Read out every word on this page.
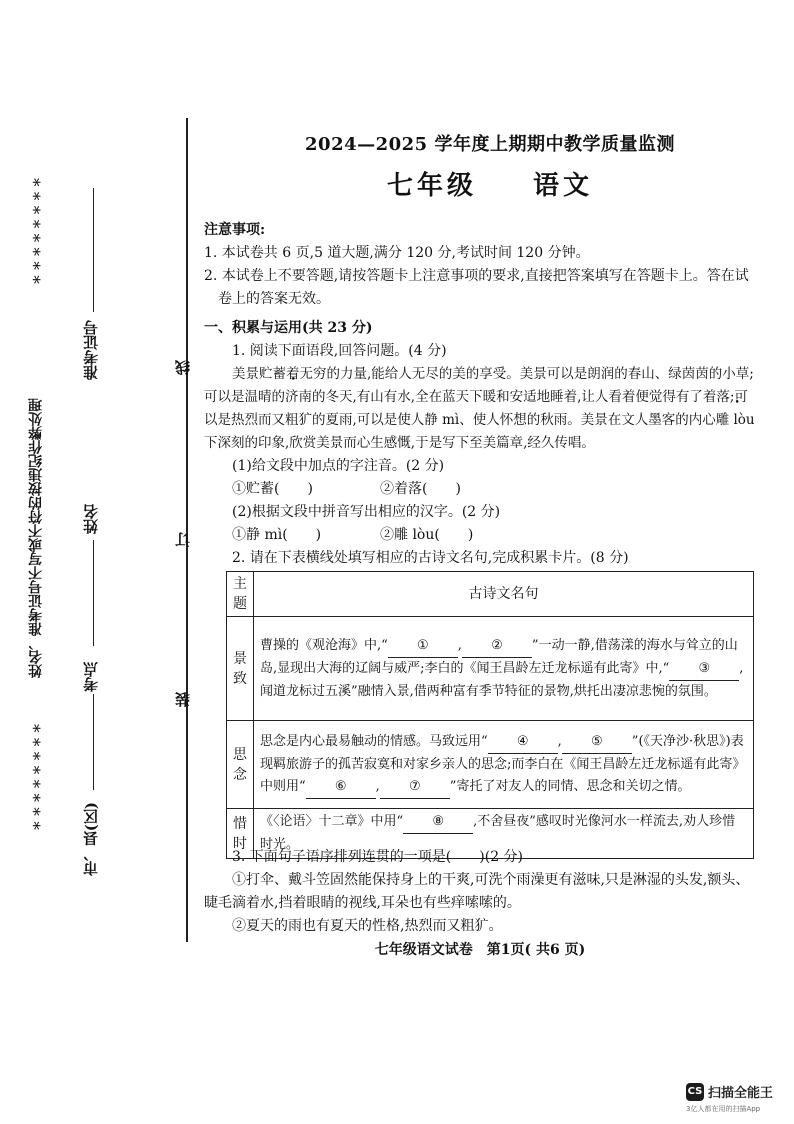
* * * * * * * *
* * * * * * * *
姓名、准考证号不写或不符的按违纪作弊处理
准考证号
姓名
考点
市、县(区)
线
订
装
2024—2025 学年度上期期中教学质量监测
七年级 语文
注意事项:
1. 本试卷共 6 页,5 道大题,满分 120 分,考试时间 120 分钟。
2. 本试卷上不要答题,请按答题卡上注意事项的要求,直接把答案填写在答题卡上。答在试卷上的答案无效。
一、积累与运用(共 23 分)
1. 阅读下面语段,回答问题。(4 分)
美景贮蓄着无穷的力量,能给人无尽的美的享受。美景可以是朗润的春山、绿茵茵的小草;可以是温晴的济南的冬天,有山有水,全在蓝天下暖和安适地睡着,让人看着便觉得有了着落;可以是热烈而又粗犷的夏雨,可以是使人静 mì、使人怀想的秋雨。美景在文人墨客的内心雕 lòu 下深刻的印象,欣赏美景而心生感慨,于是写下至美篇章,经久传唱。
(1)给文段中加点的字注音。(2 分)
①贮蓄(　　)	②着落(　　)
(2)根据文段中拼音写出相应的汉字。(2 分)
①静 mì(　　)	②雕 lòu(　　)
2. 请在下表横线处填写相应的古诗文名句,完成积累卡片。(8 分)
主题	古诗文名句
景致	曹操的《观沧海》中,“ ① , ② ”一动一静,借荡漾的海水与耸立的山岛,显现出大海的辽阔与威严;李白的《闻王昌龄左迁龙标遥有此寄》中,“ ③ ,闻道龙标过五溪”融情入景,借两种富有季节特征的景物,烘托出凄凉悲惋的氛围。
思念	思念是内心最易触动的情感。马致远用“ ④ , ⑤ ”(《天净沙·秋思》)表现羁旅游子的孤苦寂寞和对家乡亲人的思念;而李白在《闻王昌龄左迁龙标遥有此寄》中则用“ ⑥ , ⑦ ”寄托了对友人的同情、思念和关切之情。
惜时	《〈论语〉十二章》中用“ ⑧ ,不舍昼夜”感叹时光像河水一样流去,劝人珍惜时光。
3. 下面句子语序排列连贯的一项是(　　)(2 分)
①打伞、戴斗笠固然能保持身上的干爽,可洗个雨澡更有滋味,只是淋湿的头发,额头、睫毛滴着水,挡着眼睛的视线,耳朵也有些痒嗦嗦的。
②夏天的雨也有夏天的性格,热烈而又粗犷。
七年级语文试卷　第1页( 共6 页)
CS 扫描全能王
3亿人都在用的扫描App
